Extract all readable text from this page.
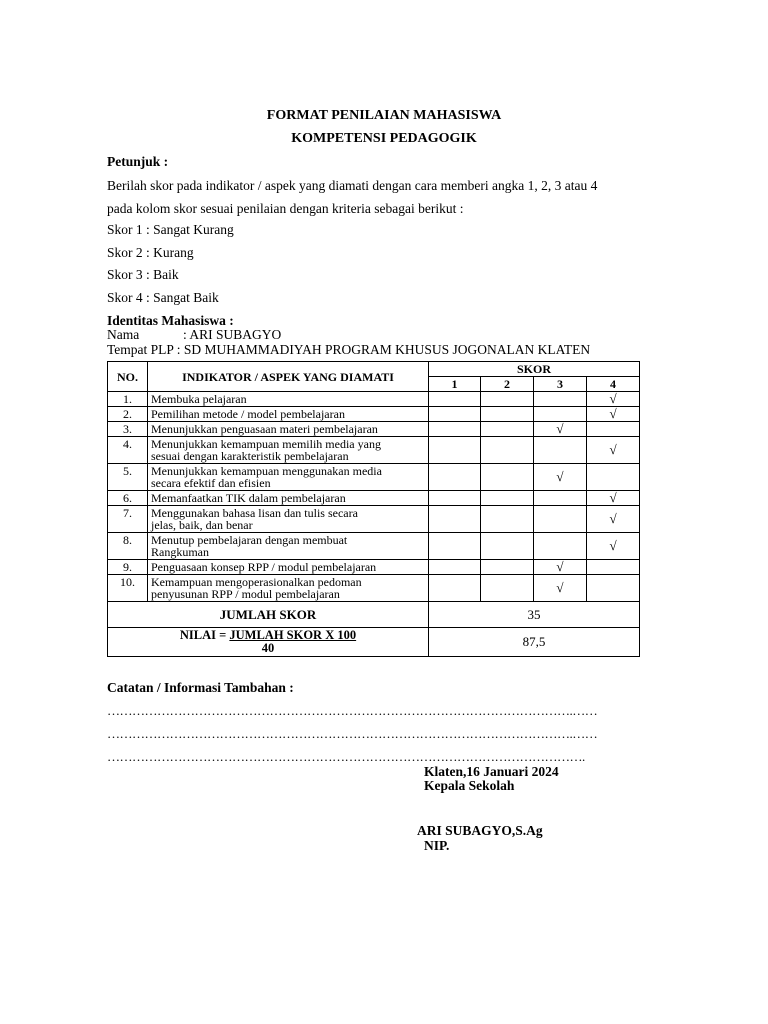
FORMAT PENILAIAN MAHASISWA
KOMPETENSI PEDAGOGIK
Petunjuk :
Berilah skor pada indikator / aspek yang diamati dengan cara memberi angka 1, 2, 3 atau 4
pada kolom skor sesuai penilaian dengan kriteria sebagai berikut :
Skor 1 : Sangat Kurang
Skor 2 : Kurang
Skor 3 : Baik
Skor 4 : Sangat Baik
Identitas Mahasiswa :
Nama	: ARI SUBAGYO
Tempat PLP : SD MUHAMMADIYAH PROGRAM KHUSUS JOGONALAN KLATEN
NO.	INDIKATOR / ASPEK YANG DIAMATI	SKOR			
		1	2	3	4
1.	Membuka pelajaran				√
2.	Pemilihan metode / model pembelajaran				√
3.	Menunjukkan penguasaan materi pembelajaran			√	
4.	Menunjukkan kemampuan memilih media yang
sesuai dengan karakteristik pembelajaran				√
5.	Menunjukkan kemampuan menggunakan media
secara efektif dan efisien			√	
6.	Memanfaatkan TIK dalam pembelajaran				√
7.	Menggunakan bahasa lisan dan tulis secara
jelas, baik, dan benar				√
8.	Menutup pembelajaran dengan membuat
Rangkuman				√
9.	Penguasaan konsep RPP / modul pembelajaran			√	
10.	Kemampuan mengoperasionalkan pedoman
penyusunan RPP / modul pembelajaran			√	
JUMLAH SKOR		35			

NILAI = JUMLAH SKOR X 100
40		87,5			
Catatan / Informasi Tambahan :
………………………………………………………………………………………………….……
………………………………………………………………………………………………….……
…………………………………………………………………………………………………….
Klaten,16 Januari 2024
Kepala Sekolah
ARI SUBAGYO,S.Ag
NIP.
